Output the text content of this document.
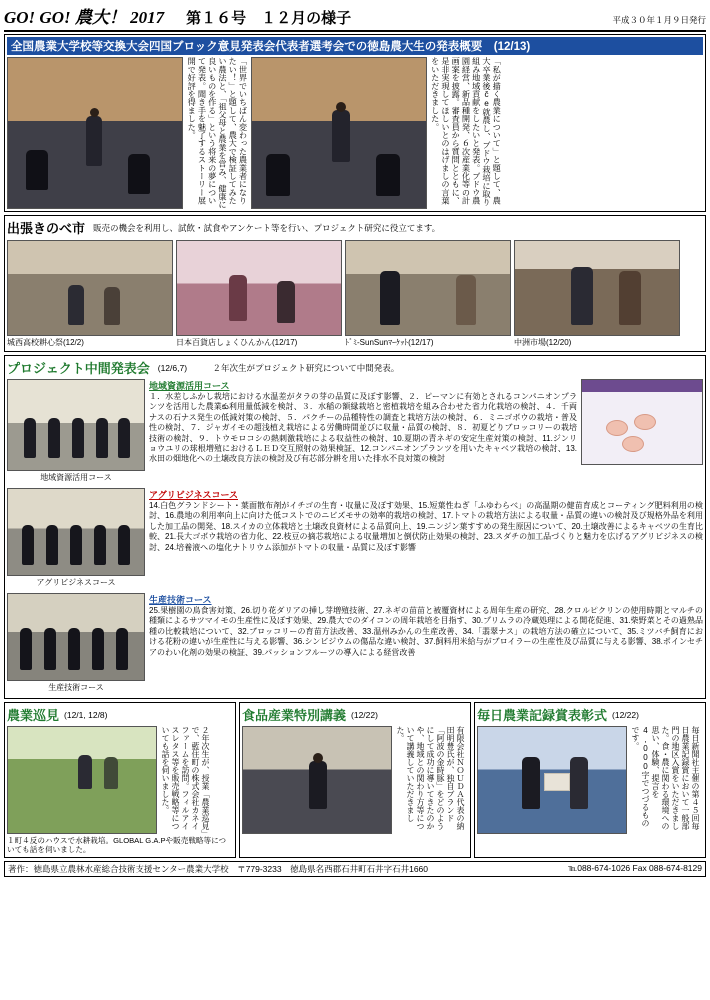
GO! GO! 農大！ 2017 第１６号　１２月の様子	平成３０年１月９日発行
全国農業大学校等交換大会四国ブロック意見発表会代表者選考会での徳島農大生の発表概要　(12/13)
「世界でいちばん変わった農業者になりたい！」と題して、農大で検証してみたい農法と、「祖父母と農業を営み、健康に良いものを作る」という将来の夢について発表。聞き手を魅了するストーリー展開で好評を得ました。	「私が描く農業について」と題して、農大卒業後če就農し、ブドウ栽培に取り組み地域貢献をしたいと発表。ブドウ農園経営、新品種開発、６次産業化等の計画案を披露。審査員から質問とともに、是非実現してほしいとのはげましの言葉をいただきました。
出張きのべ市 販売の機会を利用し、試飲・試食やアンケート等を行い、プロジェクト研究に役立てます。
城西高校耕心祭(12/2)	日本百貨店しょくひんかん(12/17)	ﾄﾞﾐ-SunSunﾏｰｹｯﾄ(12/17)	中洲市場(12/20)
プロジェクト中間発表会 (12/6,7)　　　２年次生がプロジェクト研究について中間発表。
地域資源活用コース
地域資源活用コース
１．水差しふかし栽培における水温差がタラの芽の品質に及ぼす影響、２．ピーマンに有効とされるコンパニオンプランツを活用した農業కు利用量低減を検討、３．水稲の額縁栽培と密植栽培を組み合わせた省力化栽培の検討、４．千両ナスの石ナス発生の低減対策の検討、５．パクチーの品種特性の調査と栽培方法の検討、６．ミニゴボウの栽培・普及性の検討、７．ジャガイモの超浅植え栽培による労働時間並びに収量・品質の検討、８．初夏どりブロッコリーの栽培技術の検討、９．トウモロコシの熱刺激栽培による収益性の検討、10.夏期の青ネギの安定生産対策の検討、11.ジンリョウユリの球根増殖におけるＬＥＤ交互照射の効果検証、12.コンパニオンプランツを用いたキャベツ栽培の検討、13.水田の畑地化への土壌改良方法の検討及び有芯部分耕を用いた排水不良対策の検討
アグリビジネスコース
アグリビジネスコース
14.白色グランドシート・葉面散布剤がイチゴの生育・収量に及ぼす効果、15.短葉性ねぎ「ふゆわらべ」の高温期の健苗育成とコーティング肥料利用の検討、16.農地の利用率向上に向けた低コストでのニビズモサの効率的栽培の検討、17.トマトの栽培方法による収量・品質の違いの検討及び規格外品を利用した加工品の開発、18.スイカの立体栽培と土壌改良資材による品質向上、19.ニンジン葉すすめの発生原因について、20.土壌改善によるキャベツの生育比較、21.長大ゴボウ栽培の省力化、22.枝豆の摘芯栽培による収量増加と倒伏防止効果の検討、23.スダチの加工品づくりと魅力を広げるアグリビジネスの検討、24.培養液への塩化ナトリウム添加がトマトの収量・品質に及ぼす影響
生産技術コース
生産技術コース
25.果樹園の鳥食害対策、26.切り花ダリアの挿し芽増殖技術、27.ネギの苗苗と被覆資材による周年生産の研究、28.クロルピクリンの使用時期とマルチの種類によるサツマイモの生産性に及ぼす効果、29.農大でのダイコンの周年栽培を目指す、30.プリムラの冷蔵処理による開花促進、31.柴野菜とその過熟品種の比較栽培について、32.ブロッコリーの育苗方法改善、33.温州みかんの生産改善、34.「翡翠ナス」の栽培方法の確立について、35.ミツバチ飼育における花粉の違いが生産性に与える影響、36.シンビジウムの傷品な違い検討、37.飼料用米給与がブロイラーの生産性及び品質に与える影響、38.ポインセチアのわい化剤の効果の検証、39.パッションフルーツの導入による経営改善
農業巡見 (12/1, 12/8)
２年次生が、授業「農業巡見」で、藍住町の株式会社カネイファームを訪問。フィルアイスレタス等を販売戦略等についても話を伺いました。
１町４反のハウスで水耕栽培。GLOBAL G.A.Pや販売戦略等についても話を伺いました。
食品産業特別講義 (12/22)
有限会社ＮＯＵＤＡ代表の納田明豊氏が、独自ブランド「阿波の金時豚」をどのようにして成功に導いてきたのかや、地域との関わり方等について講義していただきました。
毎日農業記録賞表彰式 (12/22)
毎日新聞社主催の第４５回毎日農業記録賞において一般部門の地区入賞をいただきました。食・農に関わる環境への思い、体験、提言を4,000字でつづるものです。
著作：徳島県立農林水産総合技術支援センター農業大学校　〒779-3233　徳島県名西郡石井町石井字石井1660	℡088-674-1026 Fax 088-674-8129
